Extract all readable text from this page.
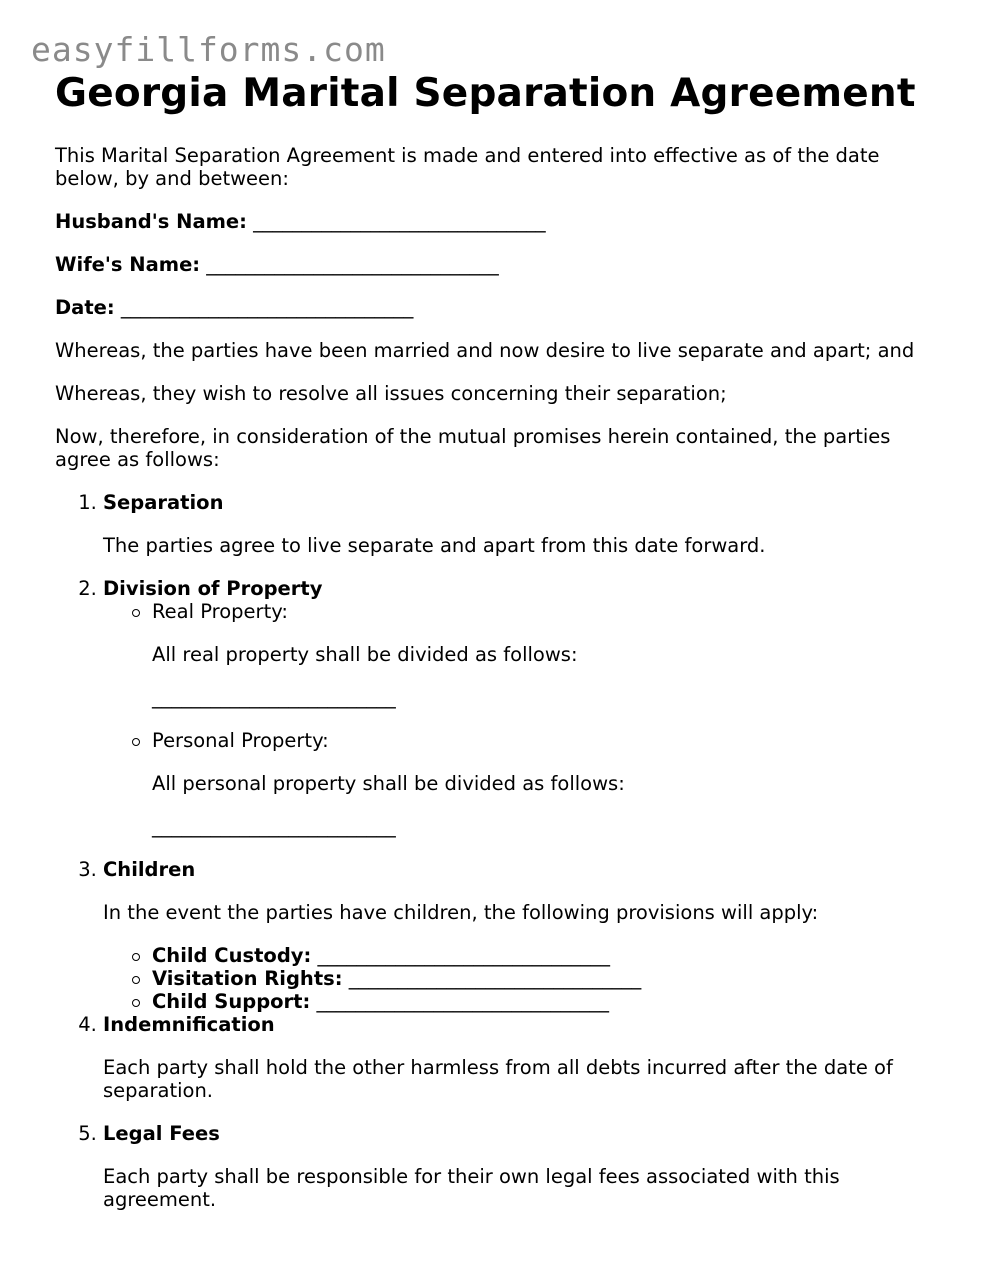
easyfillforms.com
Georgia Marital Separation Agreement

This Marital Separation Agreement is made and entered into effective as of the date below, by and between:

Husband's Name: ______________________________

Wife's Name: ______________________________

Date: ______________________________

Whereas, the parties have been married and now desire to live separate and apart; and

Whereas, they wish to resolve all issues concerning their separation;

Now, therefore, in consideration of the mutual promises herein contained, the parties agree as follows:

1. Separation

The parties agree to live separate and apart from this date forward.

2. Division of Property
Real Property:

All real property shall be divided as follows:

_________________________

Personal Property:

All personal property shall be divided as follows:

_________________________

3. Children

In the event the parties have children, the following provisions will apply:

Child Custody: ______________________________
Visitation Rights: ______________________________
Child Support: ______________________________
4. Indemnification

Each party shall hold the other harmless from all debts incurred after the date of separation.

5. Legal Fees

Each party shall be responsible for their own legal fees associated with this agreement.
